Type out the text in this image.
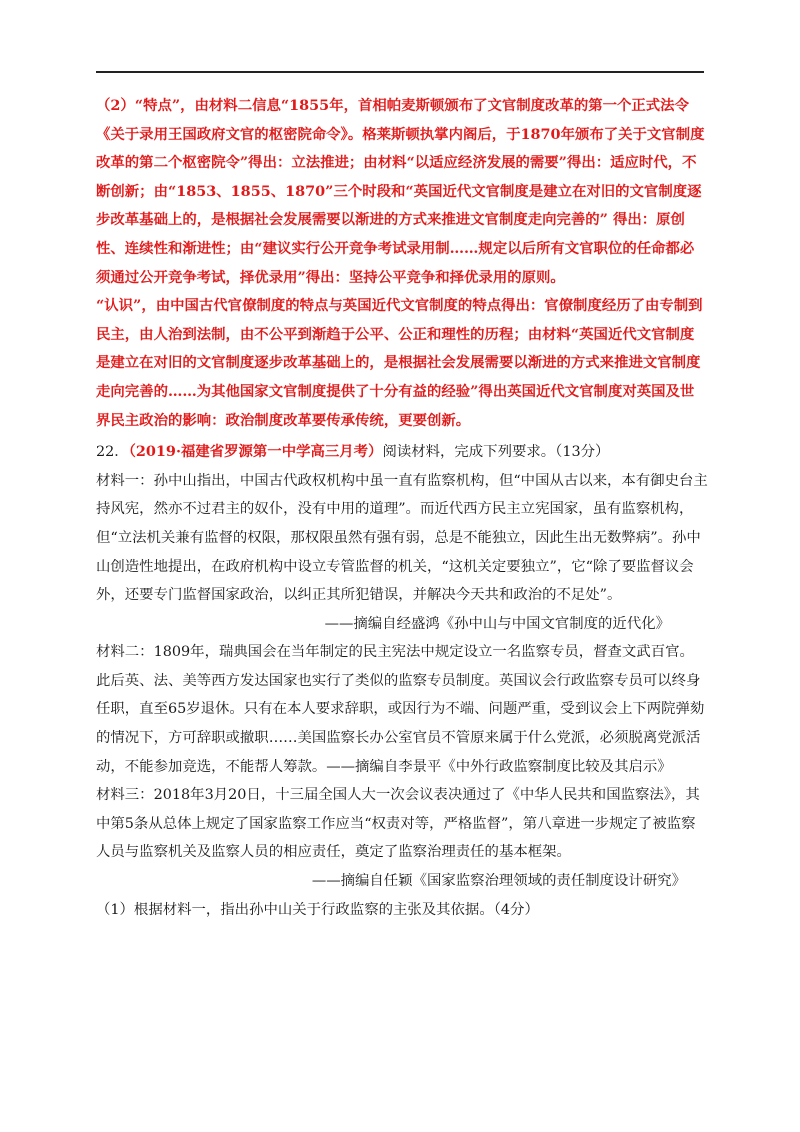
（2）“特点”，由材料二信息“1855年，首相帕麦斯顿颁布了文官制度改革的第一个正式法令《关于录用王国政府文官的枢密院命令》。格莱斯顿执掌内阁后，于1870年颁布了关于文官制度改革的第二个枢密院令”得出：立法推进；由材料“以适应经济发展的需要”得出：适应时代，不断创新；由“1853、1855、1870”三个时段和“英国近代文官制度是建立在对旧的文官制度逐步改革基础上的，是根据社会发展需要以渐进的方式来推进文官制度走向完善的” 得出：原创性、连续性和渐进性；由“建议实行公开竞争考试录用制……规定以后所有文官职位的任命都必须通过公开竞争考试，择优录用”得出：坚持公平竞争和择优录用的原则。

“认识”，由中国古代官僚制度的特点与英国近代文官制度的特点得出：官僚制度经历了由专制到民主，由人治到法制，由不公平到渐趋于公平、公正和理性的历程；由材料“英国近代文官制度是建立在对旧的文官制度逐步改革基础上的，是根据社会发展需要以渐进的方式来推进文官制度走向完善的……为其他国家文官制度提供了十分有益的经验”得出英国近代文官制度对英国及世界民主政治的影响：政治制度改革要传承传统，更要创新。

22．（2019·福建省罗源第一中学高三月考）阅读材料，完成下列要求。（13分）

材料一：孙中山指出，中国古代政权机构中虽一直有监察机构，但“中国从古以来，本有御史台主持风宪，然亦不过君主的奴仆，没有中用的道理”。而近代西方民主立宪国家，虽有监察机构，但“立法机关兼有监督的权限，那权限虽然有强有弱，总是不能独立，因此生出无数弊病”。孙中山创造性地提出，在政府机构中设立专管监督的机关，“这机关定要独立”，它“除了要监督议会外，还要专门监督国家政治，以纠正其所犯错误，并解决今天共和政治的不足处”。

——摘编自经盛鸿《孙中山与中国文官制度的近代化》

材料二：1809年，瑞典国会在当年制定的民主宪法中规定设立一名监察专员，督查文武百官。此后英、法、美等西方发达国家也实行了类似的监察专员制度。英国议会行政监察专员可以终身任职，直至65岁退休。只有在本人要求辞职，或因行为不端、问题严重，受到议会上下两院弹劾的情况下，方可辞职或撤职……美国监察长办公室官员不管原来属于什么党派，必须脱离党派活动，不能参加竞选，不能帮人筹款。——摘编自李景平《中外行政监察制度比较及其启示》

材料三：2018年3月20日，十三届全国人大一次会议表决通过了《中华人民共和国监察法》，其中第5条从总体上规定了国家监察工作应当“权责对等，严格监督”，第八章进一步规定了被监察人员与监察机关及监察人员的相应责任，奠定了监察治理责任的基本框架。

——摘编自任颖《国家监察治理领域的责任制度设计研究》

（1）根据材料一，指出孙中山关于行政监察的主张及其依据。（4分）
